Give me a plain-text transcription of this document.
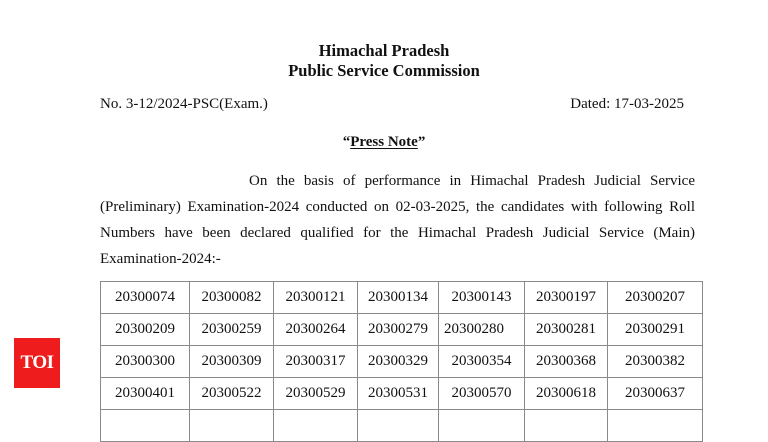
Himachal Pradesh
Public Service Commission
No. 3-12/2024-PSC(Exam.)	Dated: 17-03-2025
“Press Note”
On the basis of performance in Himachal Pradesh Judicial Service (Preliminary) Examination-2024 conducted on 02-03-2025, the candidates with following Roll Numbers have been declared qualified for the Himachal Pradesh Judicial Service (Main) Examination-2024:-
20300074	20300082	20300121	20300134	20300143	20300197	20300207
20300209	20300259	20300264	20300279	20300280	20300281	20300291
20300300	20300309	20300317	20300329	20300354	20300368	20300382
20300401	20300522	20300529	20300531	20300570	20300618	20300637

TOI
